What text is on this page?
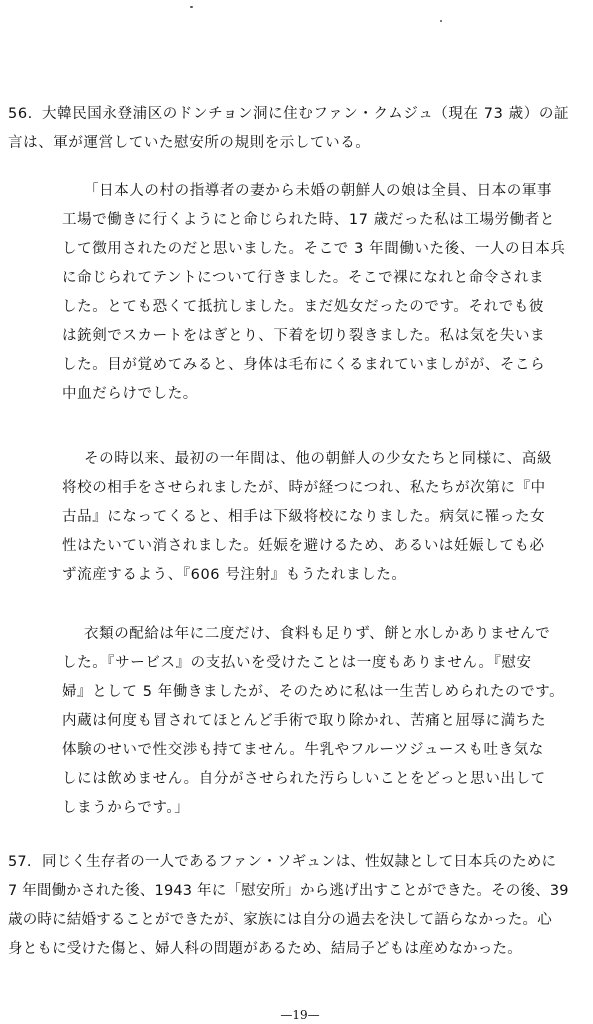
56. 大韓民国永登浦区のドンチョン洞に住むファン・クムジュ（現在 73 歳）の証
言は、軍が運営していた慰安所の規則を示している。
「日本人の村の指導者の妻から未婚の朝鮮人の娘は全員、日本の軍事
工場で働きに行くようにと命じられた時、17 歳だった私は工場労働者と
して徴用されたのだと思いました。そこで 3 年間働いた後、一人の日本兵
に命じられてテントについて行きました。そこで裸になれと命令されま
した。とても恐くて抵抗しました。まだ処女だったのです。それでも彼
は銃剣でスカートをはぎとり、下着を切り裂きました。私は気を失いま
した。目が覚めてみると、身体は毛布にくるまれていましがが、そこら
中血だらけでした。
その時以来、最初の一年間は、他の朝鮮人の少女たちと同様に、高級
将校の相手をさせられましたが、時が経つにつれ、私たちが次第に『中
古品』になってくると、相手は下級将校になりました。病気に罹った女
性はたいてい消されました。妊娠を避けるため、あるいは妊娠しても必
ず流産するよう、『606 号注射』もうたれました。
衣類の配給は年に二度だけ、食料も足りず、餅と水しかありませんで
した。『サービス』の支払いを受けたことは一度もありません。『慰安
婦』として 5 年働きましたが、そのために私は一生苦しめられたのです。
内蔵は何度も冒されてほとんど手術で取り除かれ、苦痛と屈辱に満ちた
体験のせいで性交渉も持てません。牛乳やフルーツジュースも吐き気な
しには飲めません。自分がさせられた汚らしいことをどっと思い出して
しまうからです。」
57. 同じく生存者の一人であるファン・ソギュンは、性奴隷として日本兵のために
7 年間働かされた後、1943 年に「慰安所」から逃げ出すことができた。その後、39
歳の時に結婚することができたが、家族には自分の過去を決して語らなかった。心
身ともに受けた傷と、婦人科の問題があるため、結局子どもは産めなかった。
—19—
